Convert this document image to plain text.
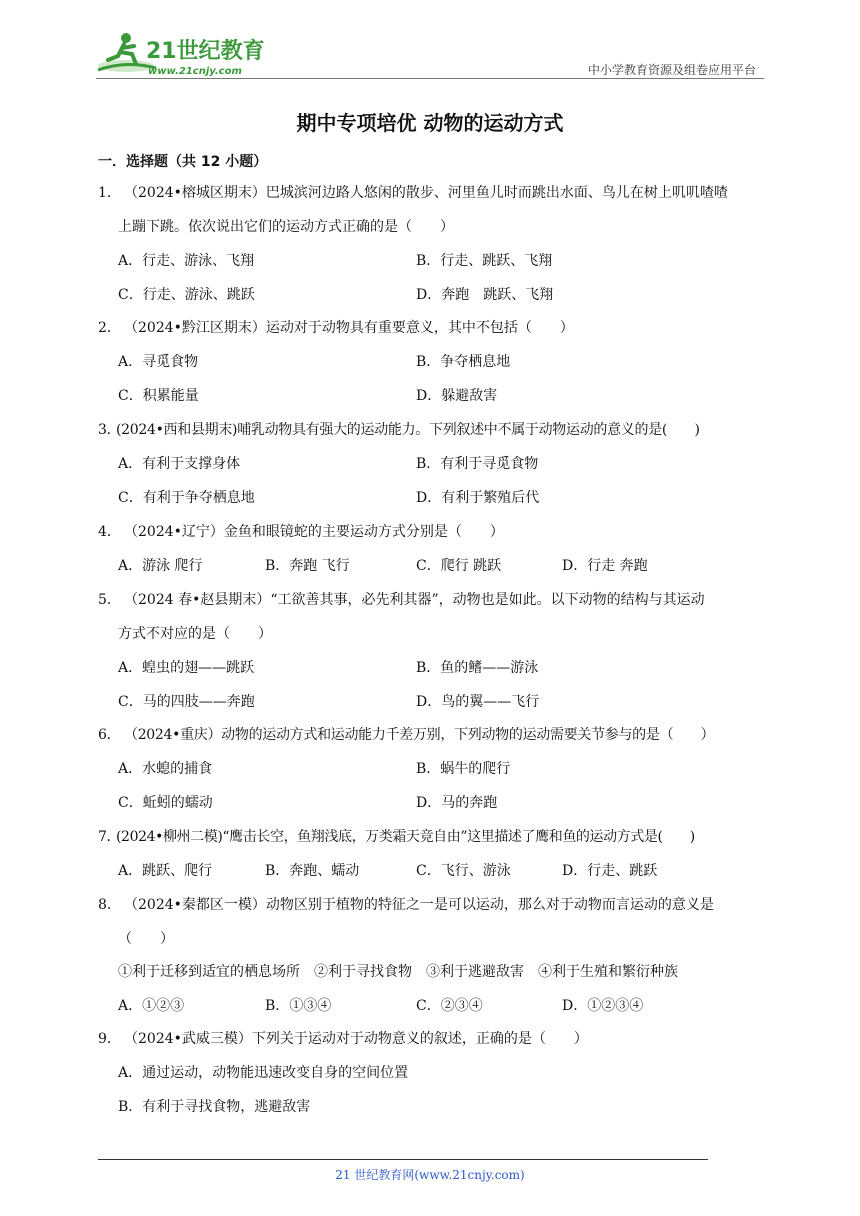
21世纪教育
www.21cnjy.com	中小学教育资源及组卷应用平台
期中专项培优 动物的运动方式
一．选择题（共 12 小题）
1． （2024•榕城区期末）巴城滨河边路人悠闲的散步、河里鱼儿时而跳出水面、鸟儿在树上叽叽喳喳
上蹦下跳。依次说出它们的运动方式正确的是（　　）
A．行走、游泳、飞翔	B．行走、跳跃、飞翔
C．行走、游泳、跳跃	D．奔跑　跳跃、飞翔
2． （2024•黔江区期末）运动对于动物具有重要意义，其中不包括（　　）
A．寻觅食物	B．争夺栖息地
C．积累能量	D．躲避敌害
3．(2024•西和县期末)哺乳动物具有强大的运动能力。下列叙述中不属于动物运动的意义的是(　　)
A．有利于支撑身体	B．有利于寻觅食物
C．有利于争夺栖息地	D．有利于繁殖后代
4． （2024•辽宁）金鱼和眼镜蛇的主要运动方式分别是（　　）
A．游泳 爬行	B．奔跑 飞行	C．爬行 跳跃	D．行走 奔跑
5． （2024 春•赵县期末）“工欲善其事，必先利其器”，动物也是如此。以下动物的结构与其运动
方式不对应的是（　　）
A．蝗虫的翅——跳跃	B．鱼的鳍——游泳
C．马的四肢——奔跑	D．鸟的翼——飞行
6． （2024•重庆）动物的运动方式和运动能力千差万别，下列动物的运动需要关节参与的是（　　）
A．水螅的捕食	B．蜗牛的爬行
C．蚯蚓的蠕动	D．马的奔跑
7．(2024•柳州二模)“鹰击长空，鱼翔浅底，万类霜天竞自由”这里描述了鹰和鱼的运动方式是(　　)
A．跳跃、爬行	B．奔跑、蠕动	C．飞行、游泳	D．行走、跳跃
8． （2024•秦都区一模）动物区别于植物的特征之一是可以运动，那么对于动物而言运动的意义是
（　　）
①利于迁移到适宜的栖息场所　②利于寻找食物　③利于逃避敌害　④利于生殖和繁衍种族
A．①②③	B．①③④	C．②③④	D．①②③④
9． （2024•武威三模）下列关于运动对于动物意义的叙述，正确的是（　　）
A．通过运动，动物能迅速改变自身的空间位置
B．有利于寻找食物，逃避敌害
21 世纪教育网(www.21cnjy.com)
